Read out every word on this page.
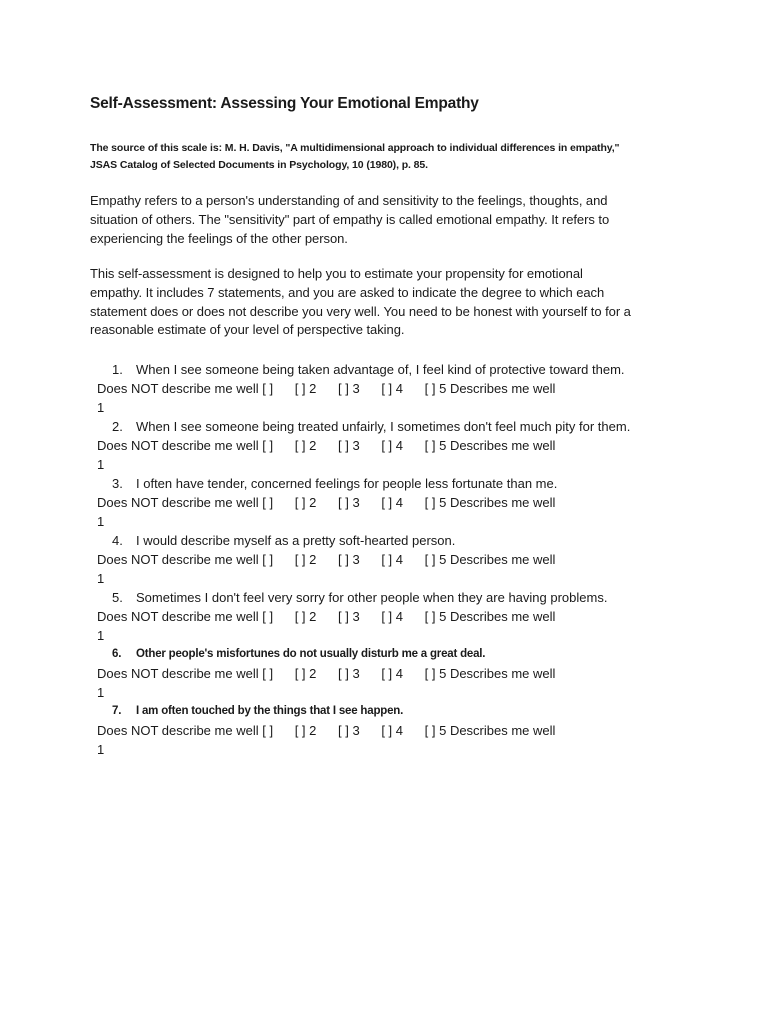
Self-Assessment: Assessing Your Emotional Empathy
The source of this scale is: M. H. Davis, "A multidimensional approach to individual differences in empathy,"
JSAS Catalog of Selected Documents in Psychology, 10 (1980), p. 85.
Empathy refers to a person's understanding of and sensitivity to the feelings, thoughts, and
situation of others. The "sensitivity" part of empathy is called emotional empathy. It refers to
experiencing the feelings of the other person.
This self-assessment is designed to help you to estimate your propensity for emotional
empathy. It includes 7 statements, and you are asked to indicate the degree to which each
statement does or does not describe you very well. You need to be honest with yourself to for a
reasonable estimate of your level of perspective taking.
1. When I see someone being taken advantage of, I feel kind of protective toward them.
Does NOT describe me well [ ] [ ] 2 [ ] 3 [ ] 4 [ ] 5 Describes me well
1
2. When I see someone being treated unfairly, I sometimes don't feel much pity for them.
Does NOT describe me well [ ] [ ] 2 [ ] 3 [ ] 4 [ ] 5 Describes me well
1
3. I often have tender, concerned feelings for people less fortunate than me.
Does NOT describe me well [ ] [ ] 2 [ ] 3 [ ] 4 [ ] 5 Describes me well
1
4. I would describe myself as a pretty soft-hearted person.
Does NOT describe me well [ ] [ ] 2 [ ] 3 [ ] 4 [ ] 5 Describes me well
1
5. Sometimes I don't feel very sorry for other people when they are having problems.
Does NOT describe me well [ ] [ ] 2 [ ] 3 [ ] 4 [ ] 5 Describes me well
1
6. Other people's misfortunes do not usually disturb me a great deal.
Does NOT describe me well [ ] [ ] 2 [ ] 3 [ ] 4 [ ] 5 Describes me well
1
7. I am often touched by the things that I see happen.
Does NOT describe me well [ ] [ ] 2 [ ] 3 [ ] 4 [ ] 5 Describes me well
1
